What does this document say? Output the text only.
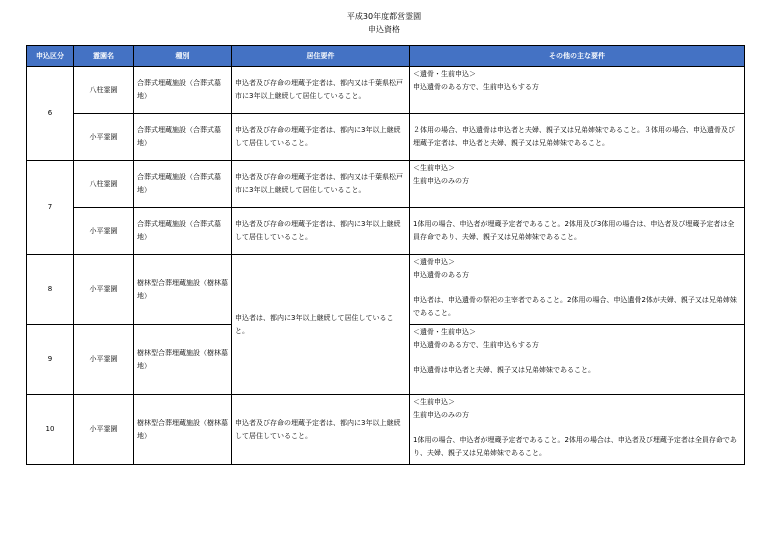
平成30年度都営霊園
申込資格
申込区分	霊園名	種別	居住要件	その他の主な要件
6	八柱霊園	合葬式埋蔵施設（合葬式墓地）	申込者及び存命の埋蔵予定者は、都内又は千葉県松戸市に3年以上継続して居住していること。	＜遺骨・生前申込＞
申込遺骨のある方で、生前申込もする方

	小平霊園	合葬式埋蔵施設（合葬式墓地）	申込者及び存命の埋蔵予定者は、都内に3年以上継続して居住していること。	２体用の場合、申込遺骨は申込者と夫婦、親子又は兄弟姉妹であること。３体用の場合、申込遺骨及び埋蔵予定者は、申込者と夫婦、親子又は兄弟姉妹であること。
7	八柱霊園	合葬式埋蔵施設（合葬式墓地）	申込者及び存命の埋蔵予定者は、都内又は千葉県松戸市に3年以上継続して居住していること。	＜生前申込＞
生前申込のみの方

	小平霊園	合葬式埋蔵施設（合葬式墓地）	申込者及び存命の埋蔵予定者は、都内に3年以上継続して居住していること。	1体用の場合、申込者が埋蔵予定者であること。2体用及び3体用の場合は、申込者及び埋蔵予定者は全員存命であり、夫婦、親子又は兄弟姉妹であること。
8	小平霊園	樹林型合葬埋蔵施設（樹林墓地）	申込者は、都内に3年以上継続して居住していること。	＜遺骨申込＞
申込遺骨のある方
申込者は、申込遺骨の祭祀の主宰者であること。2体用の場合、申込遺骨2体が夫婦、親子又は兄弟姉妹であること。

9	小平霊園	樹林型合葬埋蔵施設（樹林墓地）		＜遺骨・生前申込＞
申込遺骨のある方で、生前申込もする方
申込遺骨は申込者と夫婦、親子又は兄弟姉妹であること。

10	小平霊園	樹林型合葬埋蔵施設（樹林墓地）	申込者及び存命の埋蔵予定者は、都内に3年以上継続して居住していること。	＜生前申込＞
生前申込のみの方
1体用の場合、申込者が埋蔵予定者であること。2体用の場合は、申込者及び埋蔵予定者は全員存命であり、夫婦、親子又は兄弟姉妹であること。
